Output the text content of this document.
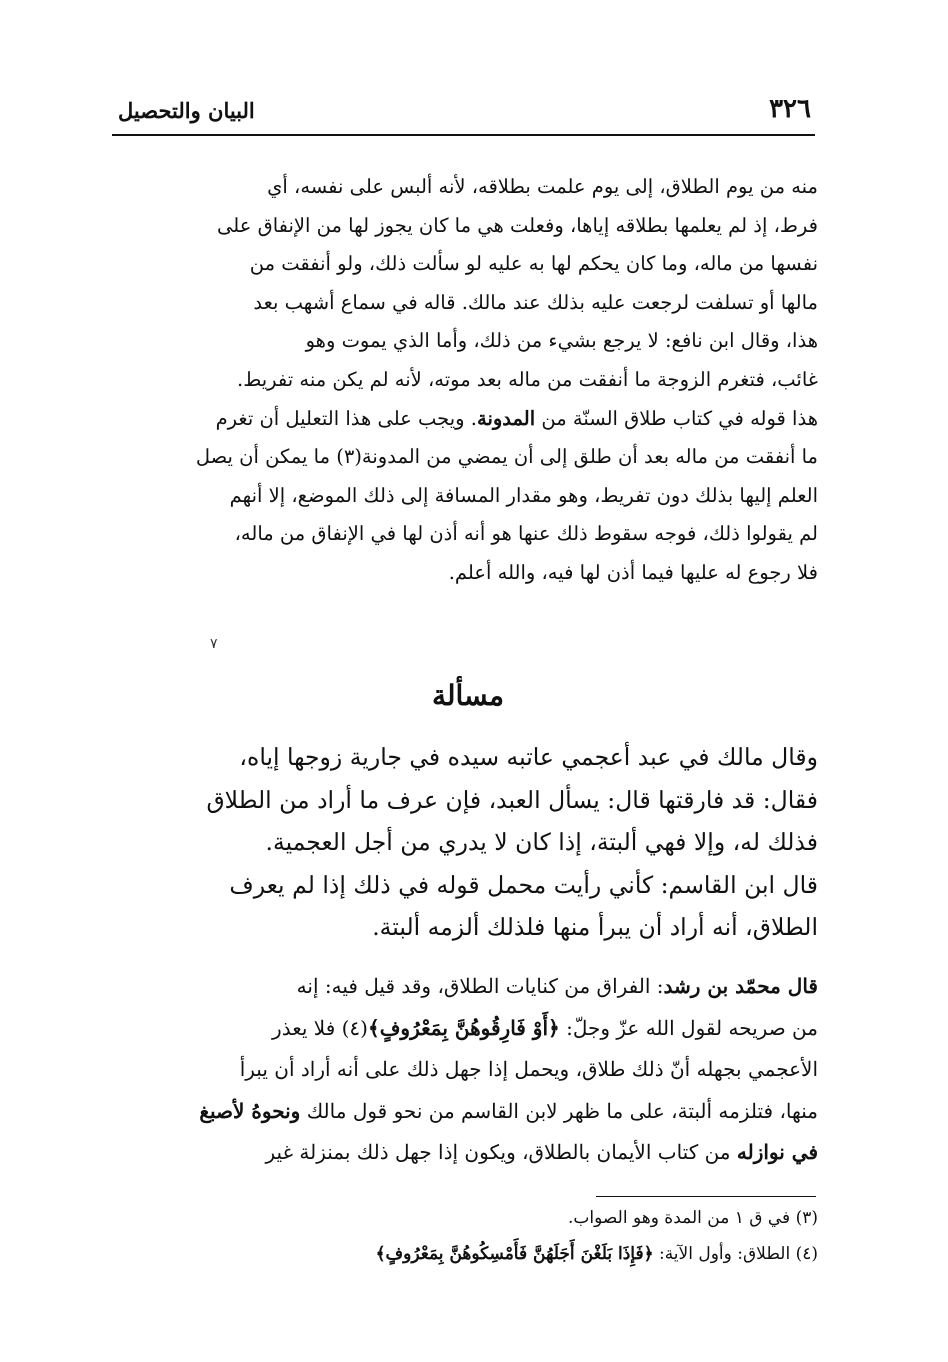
٣٢٦
البيان والتحصيل

منه من يوم الطلاق، إلى يوم علمت بطلاقه، لأنه ألبس على نفسه، أي

فرط، إذ لم يعلمها بطلاقه إياها، وفعلت هي ما كان يجوز لها من الإنفاق على

نفسها من ماله، وما كان يحكم لها به عليه لو سألت ذلك، ولو أنفقت من

مالها أو تسلفت لرجعت عليه بذلك عند مالك. قاله في سماع أشهب بعد

هذا، وقال ابن نافع: لا يرجع بشيء من ذلك، وأما الذي يموت وهو

غائب، فتغرم الزوجة ما أنفقت من ماله بعد موته، لأنه لم يكن منه تفريط.

هذا قوله في كتاب طلاق السنّة من المدونة. ويجب على هذا التعليل أن تغرم

ما أنفقت من ماله بعد أن طلق إلى أن يمضي من المدونة(٣) ما يمكن أن يصل

العلم إليها بذلك دون تفريط، وهو مقدار المسافة إلى ذلك الموضع، إلا أنهم

لم يقولوا ذلك، فوجه سقوط ذلك عنها هو أنه أذن لها في الإنفاق من ماله،

فلا رجوع له عليها فيما أذن لها فيه، والله أعلم.

٧
مسألة

وقال مالك في عبد أعجمي عاتبه سيده في جارية زوجها إياه،

فقال: قد فارقتها قال: يسأل العبد، فإن عرف ما أراد من الطلاق

فذلك له، وإلا فهي ألبتة، إذا كان لا يدري من أجل العجمية.

قال ابن القاسم: كأني رأيت محمل قوله في ذلك إذا لم يعرف

الطلاق، أنه أراد أن يبرأ منها فلذلك ألزمه ألبتة.

قال محمّد بن رشد: الفراق من كنايات الطلاق، وقد قيل فيه: إنه

من صريحه لقول الله عزّ وجلّ: ﴿أَوْ فَارِقُوهُنَّ بِمَعْرُوفٍ﴾(٤) فلا يعذر

الأعجمي بجهله أنّ ذلك طلاق، ويحمل إذا جهل ذلك على أنه أراد أن يبرأ

منها، فتلزمه ألبتة، على ما ظهر لابن القاسم من نحو قول مالك ونحوهُ لأصبغ

في نوازله من كتاب الأيمان بالطلاق، ويكون إذا جهل ذلك بمنزلة غير

(٣) في ق ١ من المدة وهو الصواب.

(٤) الطلاق: وأول الآية: ﴿فَإِذَا بَلَغْنَ أَجَلَهُنَّ فَأَمْسِكُوهُنَّ بِمَعْرُوفٍ﴾
